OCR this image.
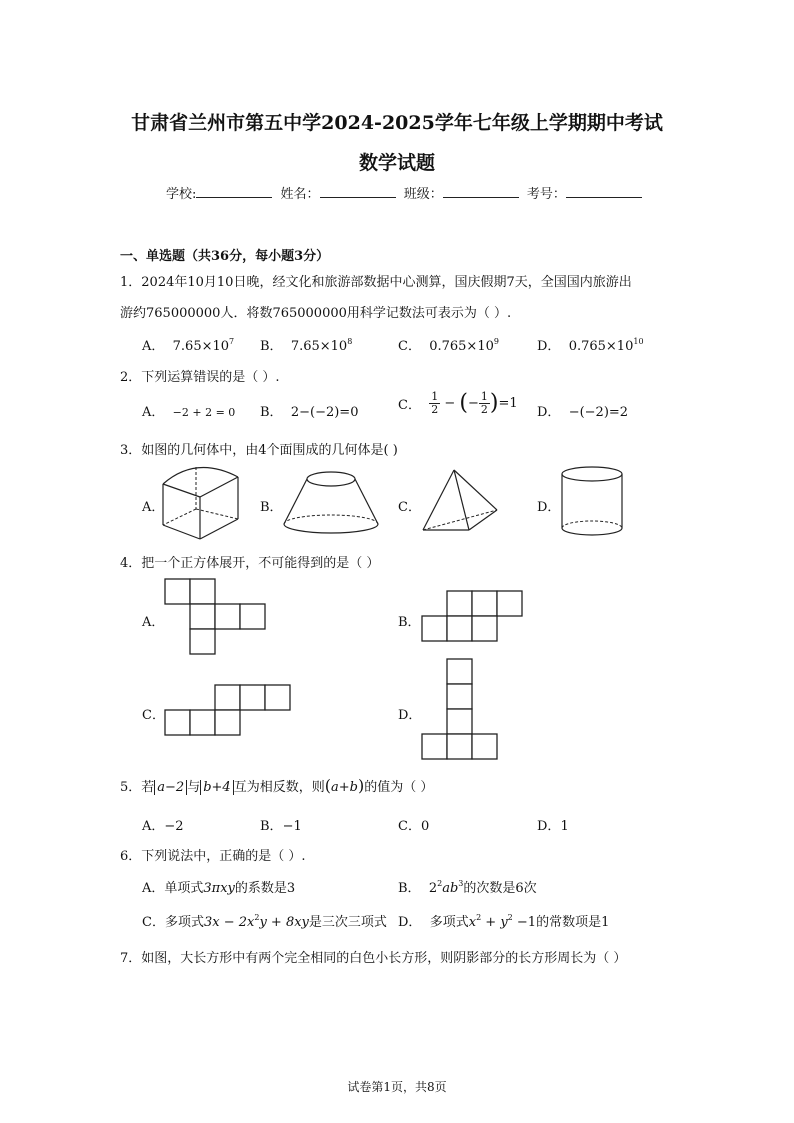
甘肃省兰州市第五中学2024-2025学年七年级上学期期中考试
数学试题
学校:	姓名：	班级：	考号：
一、单选题（共36分，每小题3分）
1．2024年10月10日晚，经文化和旅游部数据中心测算，国庆假期7天，全国国内旅游出
游约765000000人．将数765000000用科学记数法可表示为（ ）.
A． $7.65\times 10^7$ B． $7.65\times 10^8$	C． $0.765\times 10^9$	D． $0.765\times 10^{10}$
2．下列运算错误的是（ ）.
A． −2 + 2 = 0 B． 2−(−2)=0	C． $\frac{1}{2}$ − (− $\frac{1}{2} )=1$
D． −(−2)=2
3．如图的几何体中，由4个面围成的几何体是( )
A．	B．	C．	D．
4．把一个正方体展开，不可能得到的是（ ）
A．	B．
C．	D．
5．若 a−2 与 b+4 互为相反数，则(a+b)的值为（ ）
A．−2	B．−1	C．0	D．1
6．下列说法中，正确的是（ ）.
A．单项式3πxy的系数是3	B． $2^2ab^3$的次数是6次
C．多项式$3x - 2x^2y + 8xy$是三次三项式 D． 多项式$x^2 + y^2 -1$的常数项是1
7．如图，大长方形中有两个完全相同的白色小长方形，则阴影部分的长方形周长为（ ）
试卷第1页，共8页
